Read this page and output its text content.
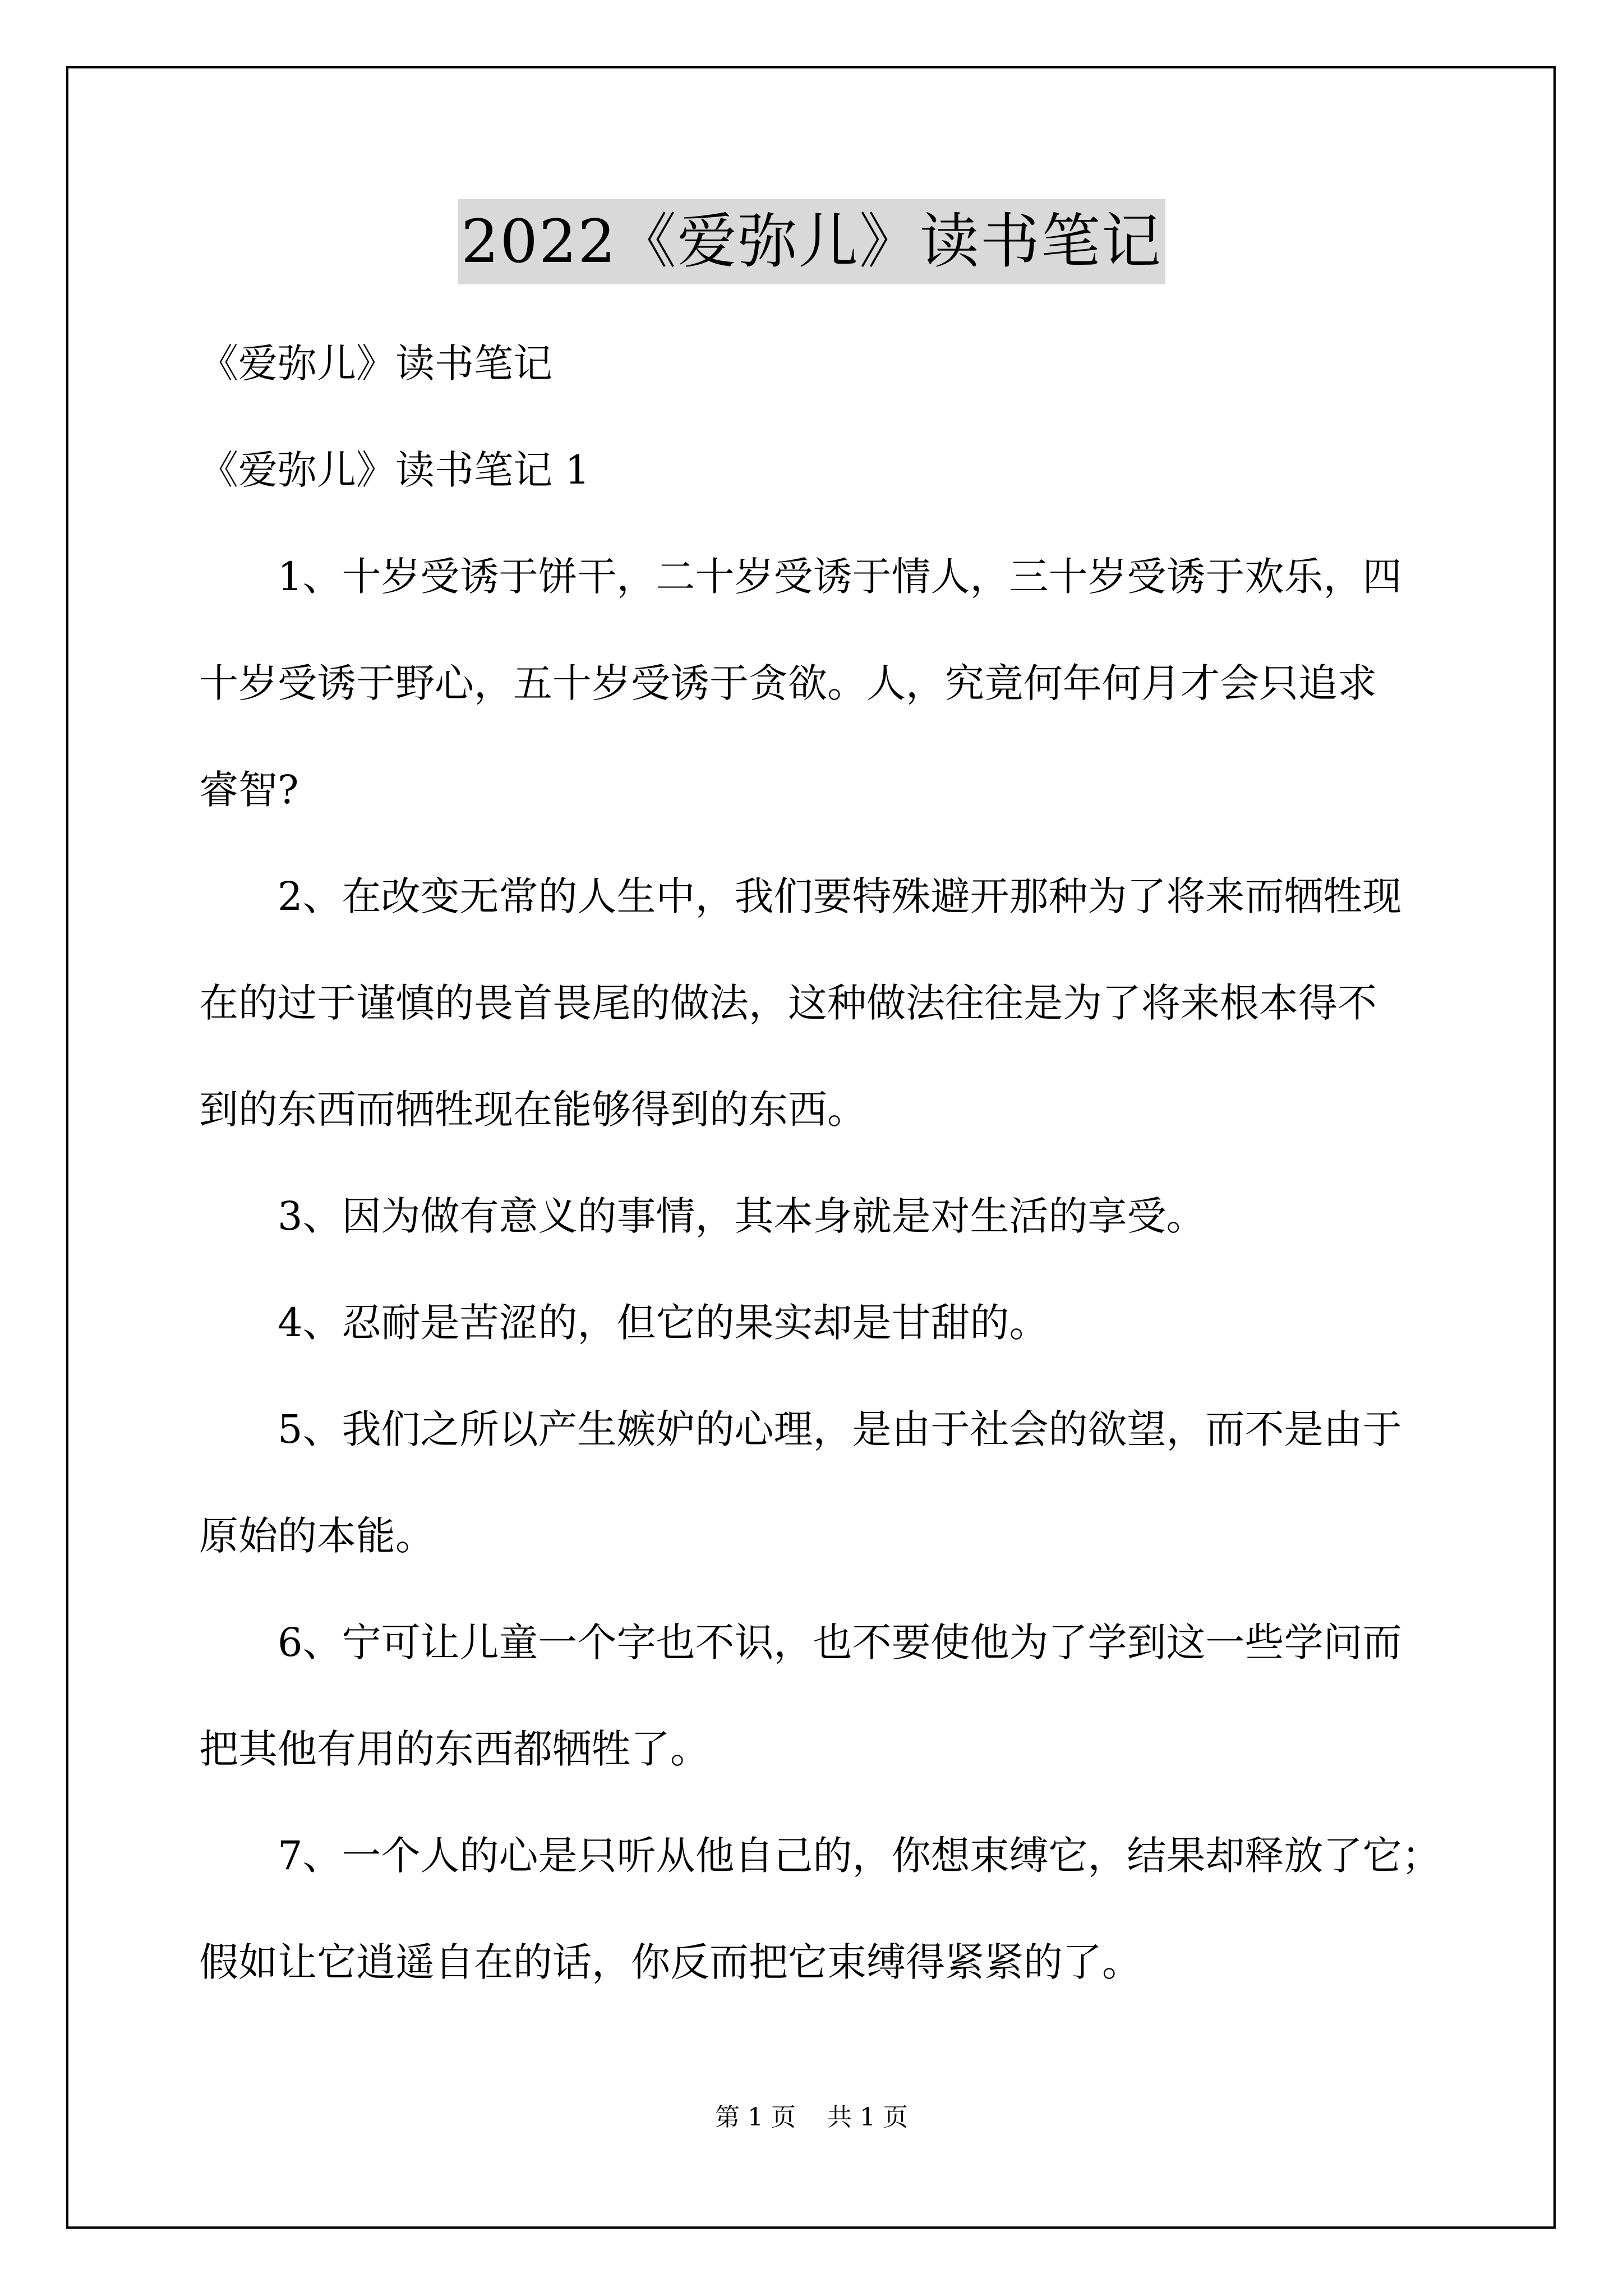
2022《爱弥儿》读书笔记

《爱弥儿》读书笔记

《爱弥儿》读书笔记 1

1、十岁受诱于饼干，二十岁受诱于情人，三十岁受诱于欢乐，四

十岁受诱于野心，五十岁受诱于贪欲。人，究竟何年何月才会只追求

睿智?

2、在改变无常的人生中，我们要特殊避开那种为了将来而牺牲现

在的过于谨慎的畏首畏尾的做法，这种做法往往是为了将来根本得不

到的东西而牺牲现在能够得到的东西。

3、因为做有意义的事情，其本身就是对生活的享受。

4、忍耐是苦涩的，但它的果实却是甘甜的。

5、我们之所以产生嫉妒的心理，是由于社会的欲望，而不是由于

原始的本能。

6、宁可让儿童一个字也不识，也不要使他为了学到这一些学问而

把其他有用的东西都牺牲了。

7、一个人的心是只听从他自己的，你想束缚它，结果却释放了它；

假如让它逍遥自在的话，你反而把它束缚得紧紧的了。

第 1 页    共 1 页
